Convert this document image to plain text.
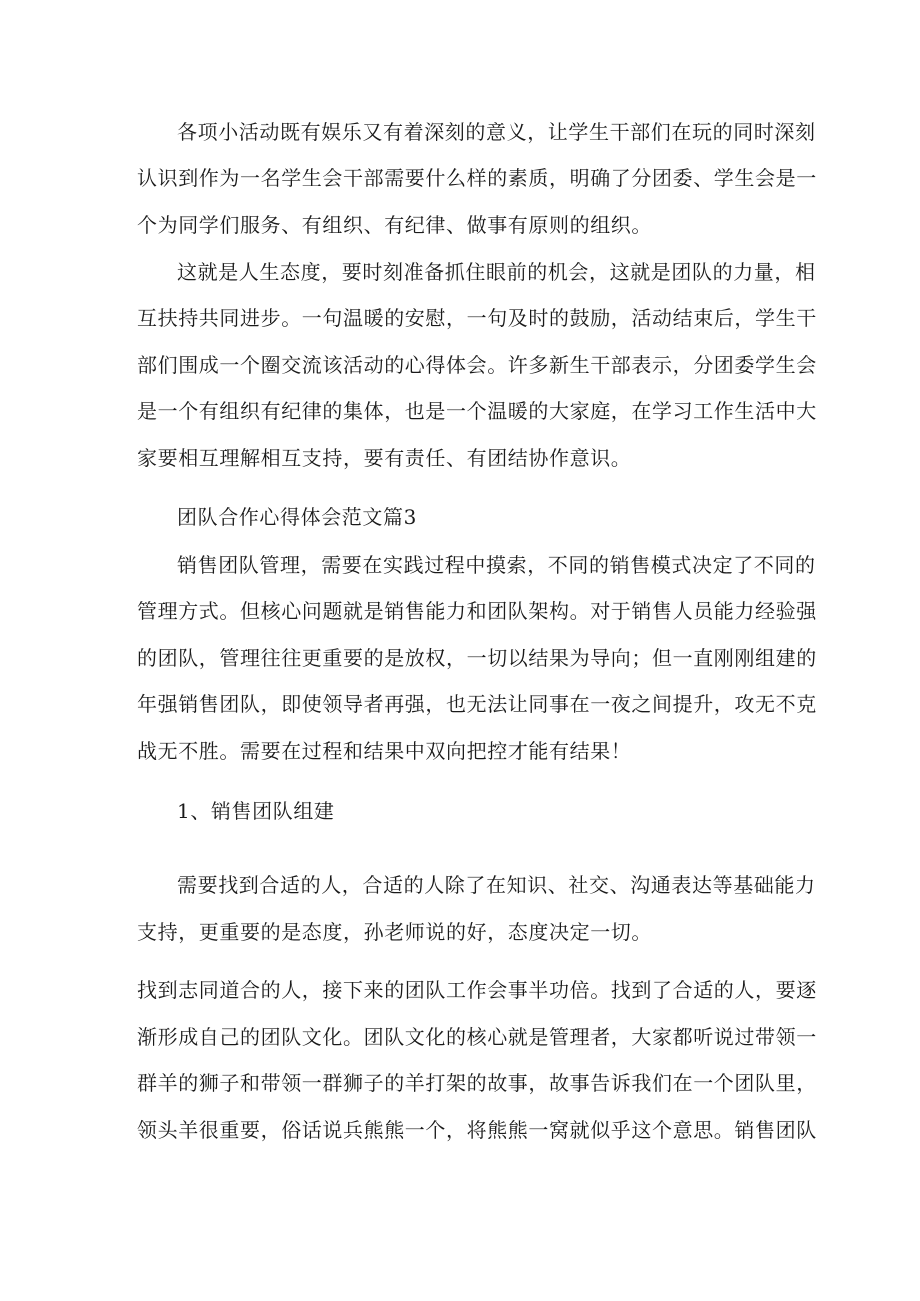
各项小活动既有娱乐又有着深刻的意义，让学生干部们在玩的同时深刻
认识到作为一名学生会干部需要什么样的素质，明确了分团委、学生会是一
个为同学们服务、有组织、有纪律、做事有原则的组织。
这就是人生态度，要时刻准备抓住眼前的机会，这就是团队的力量，相
互扶持共同进步。一句温暖的安慰，一句及时的鼓励，活动结束后，学生干
部们围成一个圈交流该活动的心得体会。许多新生干部表示，分团委学生会
是一个有组织有纪律的集体，也是一个温暖的大家庭，在学习工作生活中大
家要相互理解相互支持，要有责任、有团结协作意识。
团队合作心得体会范文篇3
销售团队管理，需要在实践过程中摸索，不同的销售模式决定了不同的
管理方式。但核心问题就是销售能力和团队架构。对于销售人员能力经验强
的团队，管理往往更重要的是放权，一切以结果为导向；但一直刚刚组建的
年强销售团队，即使领导者再强，也无法让同事在一夜之间提升，攻无不克
战无不胜。需要在过程和结果中双向把控才能有结果！
1、销售团队组建
需要找到合适的人，合适的人除了在知识、社交、沟通表达等基础能力
支持，更重要的是态度，孙老师说的好，态度决定一切。
找到志同道合的人，接下来的团队工作会事半功倍。找到了合适的人，要逐
渐形成自己的团队文化。团队文化的核心就是管理者，大家都听说过带领一
群羊的狮子和带领一群狮子的羊打架的故事，故事告诉我们在一个团队里，
领头羊很重要，俗话说兵熊熊一个，将熊熊一窝就似乎这个意思。销售团队
